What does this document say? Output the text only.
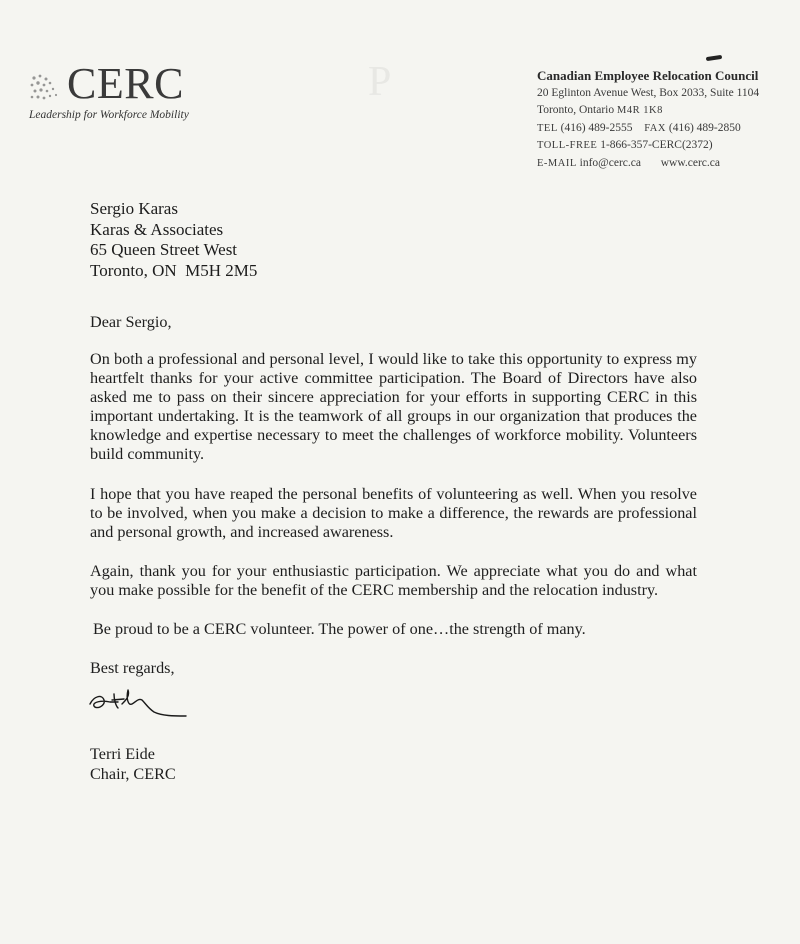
CERC
Leadership for Workforce Mobility
P	Canadian Employee Relocation Council
20 Eglinton Avenue West, Box 2033, Suite 1104
Toronto, Ontario M4R 1K8
TEL (416) 489-2555 FAX (416) 489-2850
TOLL-FREE 1-866-357-CERC(2372)
E-MAIL info@cerc.ca www.cerc.ca
Sergio Karas
Karas & Associates
65 Queen Street West
Toronto, ON  M5H 2M5

Dear Sergio,

On both a professional and personal level, I would like to take this opportunity to express my heartfelt thanks for your active committee participation. The Board of Directors have also asked me to pass on their sincere appreciation for your efforts in supporting CERC in this important undertaking. It is the teamwork of all groups in our organization that produces the knowledge and expertise necessary to meet the challenges of workforce mobility. Volunteers build community.

I hope that you have reaped the personal benefits of volunteering as well. When you resolve to be involved, when you make a decision to make a difference, the rewards are professional and personal growth, and increased awareness.

Again, thank you for your enthusiastic participation. We appreciate what you do and what you make possible for the benefit of the CERC membership and the relocation industry.

Be proud to be a CERC volunteer. The power of one…the strength of many.

Best regards,

Terri Eide
Chair, CERC
